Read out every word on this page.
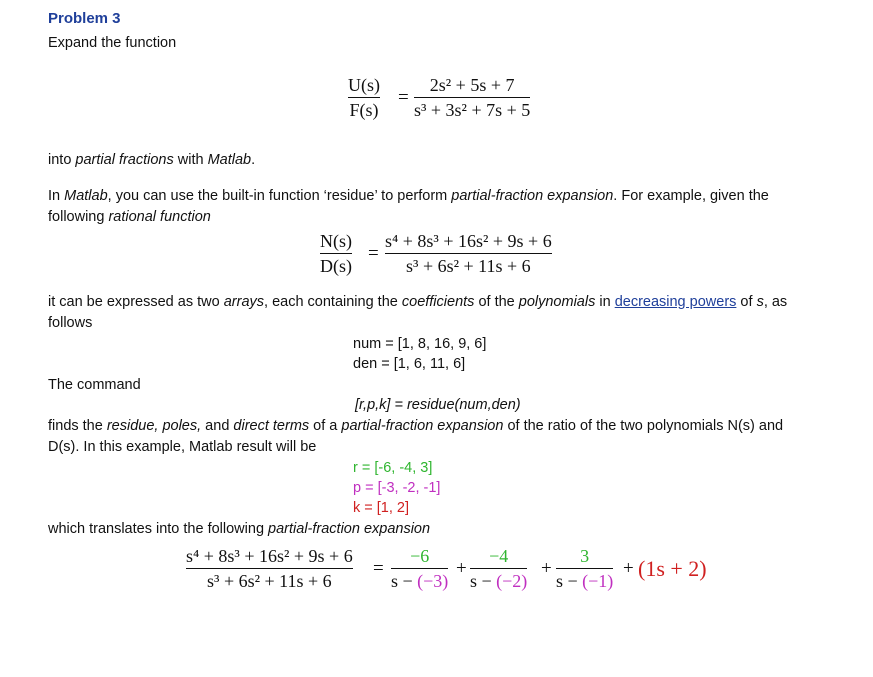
Problem 3
Expand the function
U(s)
F(s)
=
2s² + 5s + 7
s³ + 3s² + 7s + 5
into partial fractions with Matlab.
In Matlab, you can use the built-in function ‘residue’ to perform partial-fraction expansion. For example, given the
following rational function
N(s)
D(s)
=
s⁴ + 8s³ + 16s² + 9s + 6
s³ + 6s² + 11s + 6
it can be expressed as two arrays, each containing the coefficients of the polynomials in decreasing powers of s, as
follows
num = [1, 8, 16, 9, 6]
den = [1, 6, 11, 6]
The command
[r,p,k] = residue(num,den)
finds the residue, poles, and direct terms of a partial-fraction expansion of the ratio of the two polynomials N(s) and
D(s). In this example, Matlab result will be
r = [-6, -4, 3]
p = [-3, -2, -1]
k = [1, 2]
which translates into the following partial-fraction expansion
s⁴ + 8s³ + 16s² + 9s + 6
s³ + 6s² + 11s + 6
=
−6
s − (−3)
+
−4
s − (−2)
+
3
s − (−1)
+ (1s + 2)
